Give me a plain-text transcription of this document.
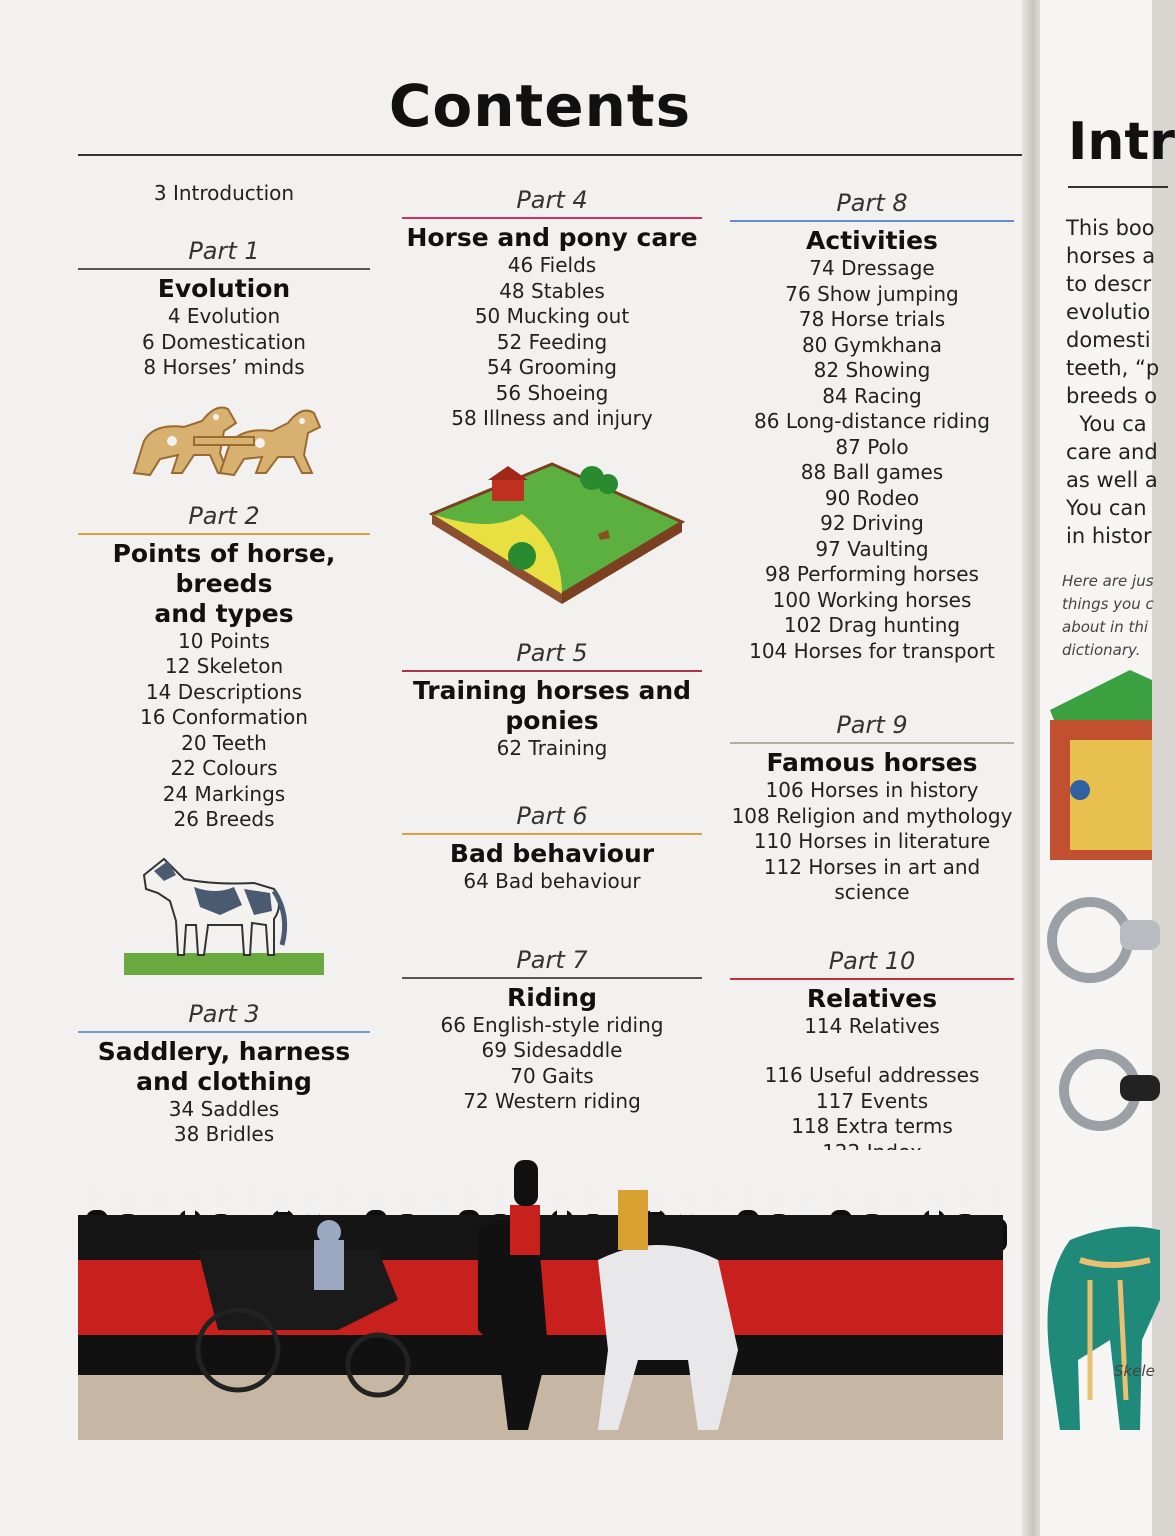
Contents
3 Introduction
Part 1
Evolution
4 Evolution
6 Domestication
8 Horses’ minds
Part 2
Points of horse, breeds
and types
10 Points
12 Skeleton
14 Descriptions
16 Conformation
20 Teeth
22 Colours
24 Markings
26 Breeds
Part 3
Saddlery, harness
and clothing
34 Saddles
38 Bridles
Part 4
Horse and pony care
46 Fields
48 Stables
50 Mucking out
52 Feeding
54 Grooming
56 Shoeing
58 Illness and injury
Part 5
Training horses and
ponies
62 Training
Part 6
Bad behaviour
64 Bad behaviour
Part 7
Riding
66 English-style riding
69 Sidesaddle
70 Gaits
72 Western riding
Part 8
Activities
74 Dressage
76 Show jumping
78 Horse trials
80 Gymkhana
82 Showing
84 Racing
86 Long-distance riding
87 Polo
88 Ball games
90 Rodeo
92 Driving
97 Vaulting
98 Performing horses
100 Working horses
102 Drag hunting
104 Horses for transport
Part 9
Famous horses
106 Horses in history
108 Religion and mythology
110 Horses in literature
112 Horses in art and
science
Part 10
Relatives
114 Relatives
116 Useful addresses
117 Events
118 Extra terms
Intr
This boo
horses a
to descr
evolutio
domesti
teeth, “p
breeds o
You ca
care and
as well a
You can
in histor
Here are jus
things you c
about in thi
dictionary.
Skele
